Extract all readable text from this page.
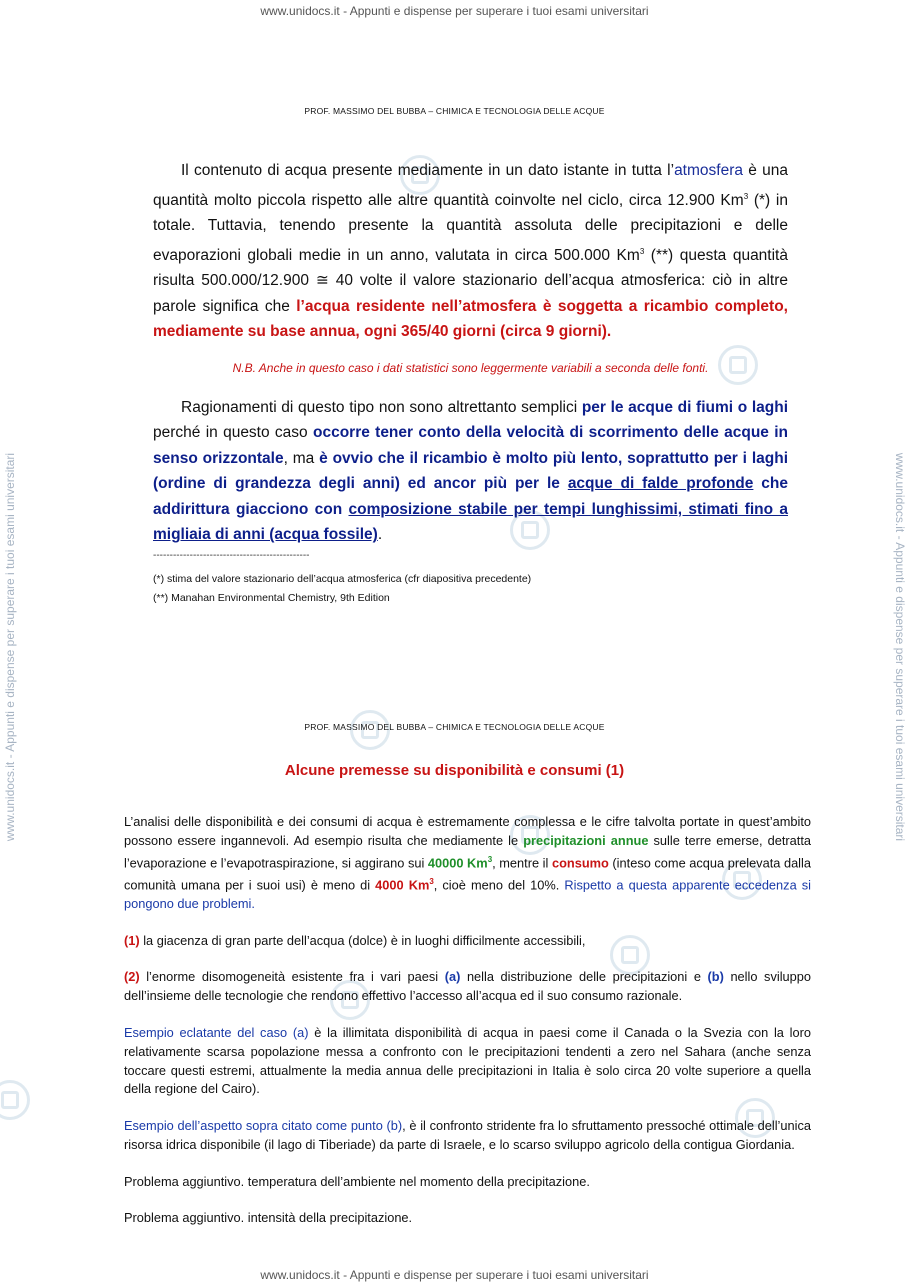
www.unidocs.it - Appunti e dispense per superare i tuoi esami universitari
www.unidocs.it - Appunti e dispense per superare i tuoi esami universitari
www.unidocs.it - Appunti e dispense per superare i tuoi esami universitari	www.unidocs.it - Appunti e dispense per superare i tuoi esami universitari
PROF. MASSIMO DEL BUBBA – CHIMICA E TECNOLOGIA DELLE ACQUE

Il contenuto di acqua presente mediamente in un dato istante in tutta l’atmosfera è una quantità molto piccola rispetto alle altre quantità coinvolte nel ciclo, circa 12.900 Km$^3$ (*) in totale. Tuttavia, tenendo presente la quantità assoluta delle precipitazioni e delle evaporazioni globali medie in un anno, valutata in circa 500.000 Km$^3$ (**) questa quantità risulta 500.000/12.900 ≅ 40 volte il valore stazionario dell’acqua atmosferica: ciò in altre parole significa che l’acqua residente nell’atmosfera è soggetta a ricambio completo, mediamente su base annua, ogni 365/40 giorni (circa 9 giorni).

N.B. Anche in questo caso i dati statistici sono leggermente variabili a seconda delle fonti.

Ragionamenti di questo tipo non sono altrettanto semplici per le acque di fiumi o laghi perché in questo caso occorre tener conto della velocità di scorrimento delle acque in senso orizzontale, ma è ovvio che il ricambio è molto più lento, soprattutto per i laghi (ordine di grandezza degli anni) ed ancor più per le acque di falde profonde che addirittura giacciono con composizione stabile per tempi lunghissimi, stimati fino a migliaia di anni (acqua fossile).

-----------------------------------------------
(*) stima del valore stazionario dell’acqua atmosferica (cfr diapositiva precedente)
(**) Manahan Environmental Chemistry, 9th Edition
PROF. MASSIMO DEL BUBBA – CHIMICA E TECNOLOGIA DELLE ACQUE
Alcune premesse su disponibilità e consumi (1)

L’analisi delle disponibilità e dei consumi di acqua è estremamente complessa e le cifre talvolta portate in quest’ambito possono essere ingannevoli. Ad esempio risulta che mediamente le precipitazioni annue sulle terre emerse, detratta l’evaporazione e l’evapotraspirazione, si aggirano sui 40000 Km$^3$, mentre il consumo (inteso come acqua prelevata dalla comunità umana per i suoi usi) è meno di 4000 Km$^3$, cioè meno del 10%. Rispetto a questa apparente eccedenza si pongono due problemi.

(1) la giacenza di gran parte dell’acqua (dolce) è in luoghi difficilmente accessibili,

(2) l’enorme disomogeneità esistente fra i vari paesi (a) nella distribuzione delle precipitazioni e (b) nello sviluppo dell’insieme delle tecnologie che rendono effettivo l’accesso all’acqua ed il suo consumo razionale.

Esempio eclatante del caso (a) è la illimitata disponibilità di acqua in paesi come il Canada o la Svezia con la loro relativamente scarsa popolazione messa a confronto con le precipitazioni tendenti a zero nel Sahara (anche senza toccare questi estremi, attualmente la media annua delle precipitazioni in Italia è solo circa 20 volte superiore a quella della regione del Cairo).

Esempio dell’aspetto sopra citato come punto (b), è il confronto stridente fra lo sfruttamento pressoché ottimale dell’unica risorsa idrica disponibile (il lago di Tiberiade) da parte di Israele, e lo scarso sviluppo agricolo della contigua Giordania.

Problema aggiuntivo. temperatura dell’ambiente nel momento della precipitazione.

Problema aggiuntivo. intensità della precipitazione.
